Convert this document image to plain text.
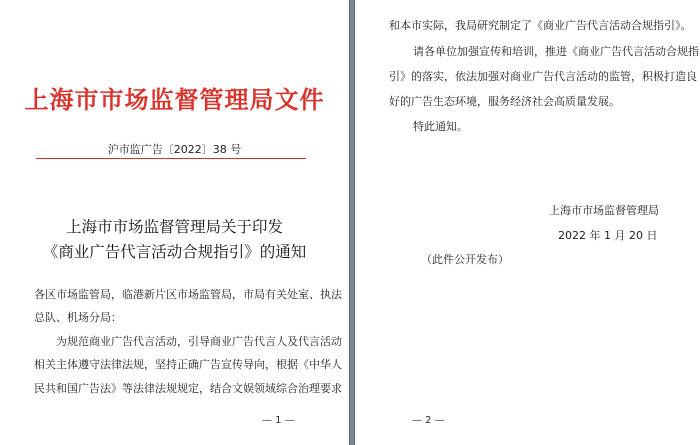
上海市市场监督管理局文件
沪市监广告〔2022〕38 号
上海市市场监督管理局关于印发
《商业广告代言活动合规指引》的通知
各区市场监管局，临港新片区市场监管局，市局有关处室、执法
总队、机场分局：
为规范商业广告代言活动，引导商业广告代言人及代言活动
相关主体遵守法律法规，坚持正确广告宣传导向，根据《中华人
民共和国广告法》等法律法规规定，结合文娱领域综合治理要求
— 1 —
和本市实际，我局研究制定了《商业广告代言活动合规指引》。
请各单位加强宣传和培训，推进《商业广告代言活动合规指
引》的落实，依法加强对商业广告代言活动的监管，积极打造良
好的广告生态环境，服务经济社会高质量发展。
特此通知。
上海市市场监督管理局
2022 年 1 月 20 日
（此件公开发布）
— 2 —
